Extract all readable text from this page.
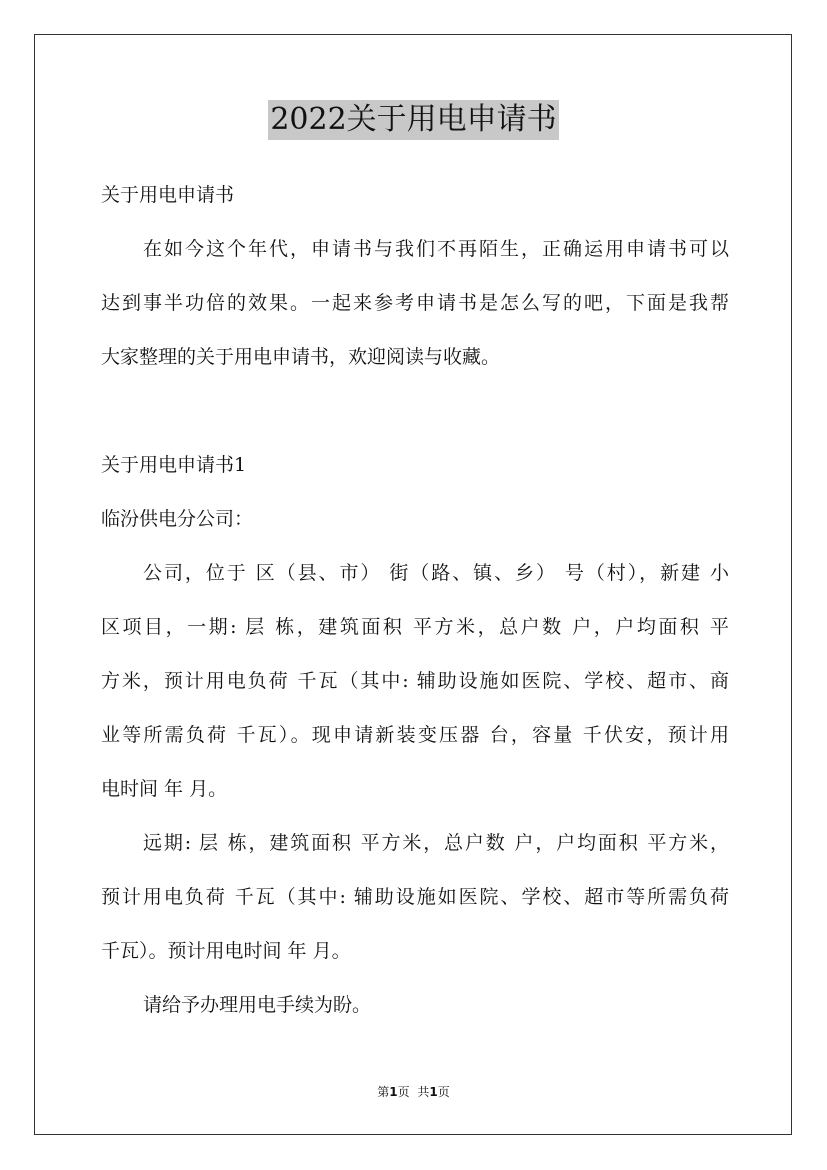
2022关于用电申请书
关于用电申请书
在如今这个年代，申请书与我们不再陌生，正确运用申请书可以
达到事半功倍的效果。一起来参考申请书是怎么写的吧，下面是我帮
大家整理的关于用电申请书，欢迎阅读与收藏。
关于用电申请书1
临汾供电分公司：
公司，位于 区（县、市） 街（路、镇、乡） 号（村），新建 小
区项目，一期: 层 栋，建筑面积 平方米，总户数 户，户均面积 平
方米，预计用电负荷 千瓦（其中: 辅助设施如医院、学校、超市、商
业等所需负荷 千瓦）。现申请新装变压器 台，容量 千伏安，预计用
电时间 年 月。
远期: 层 栋，建筑面积 平方米，总户数 户，户均面积 平方米，
预计用电负荷 千瓦（其中: 辅助设施如医院、学校、超市等所需负荷
千瓦）。预计用电时间 年 月。
请给予办理用电手续为盼。
第1页 共1页
